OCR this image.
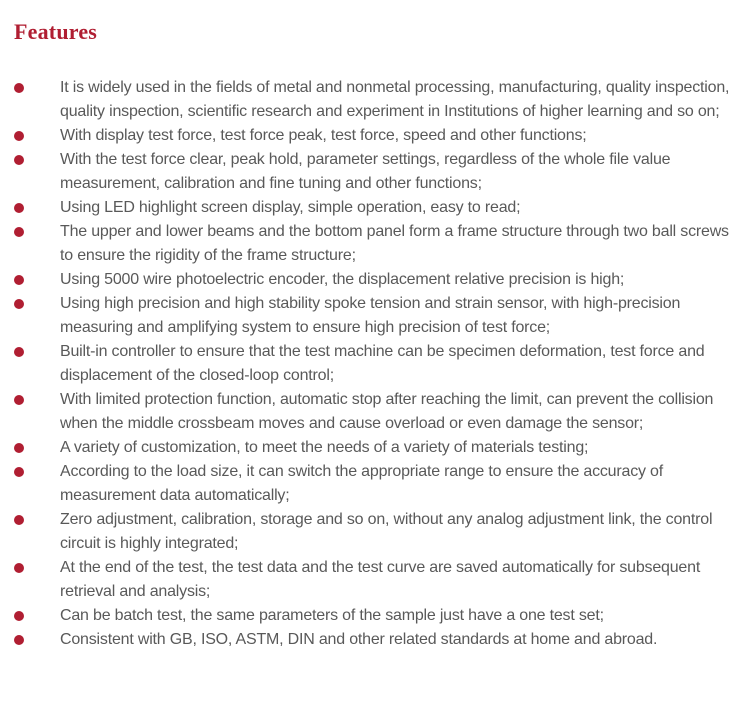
Features
It is widely used in the fields of metal and nonmetal processing, manufacturing, quality inspection, quality inspection, scientific research and experiment in Institutions of higher learning and so on;
With display test force, test force peak, test force, speed and other functions;
With the test force clear, peak hold, parameter settings, regardless of the whole file value measurement, calibration and fine tuning and other functions;
Using LED highlight screen display, simple operation, easy to read;
The upper and lower beams and the bottom panel form a frame structure through two ball screws to ensure the rigidity of the frame structure;
Using 5000 wire photoelectric encoder, the displacement relative precision is high;
Using high precision and high stability spoke tension and strain sensor, with high-precision measuring and amplifying system to ensure high precision of test force;
Built-in controller to ensure that the test machine can be specimen deformation, test force and displacement of the closed-loop control;
With limited protection function, automatic stop after reaching the limit, can prevent the collision when the middle crossbeam moves and cause overload or even damage the sensor;
A variety of customization, to meet the needs of a variety of materials testing;
According to the load size, it can switch the appropriate range to ensure the accuracy of measurement data automatically;
Zero adjustment, calibration, storage and so on, without any analog adjustment link, the control circuit is highly integrated;
At the end of the test, the test data and the test curve are saved automatically for subsequent retrieval and analysis;
Can be batch test, the same parameters of the sample just have a one test set;
Consistent with GB, ISO, ASTM, DIN and other related standards at home and abroad.
